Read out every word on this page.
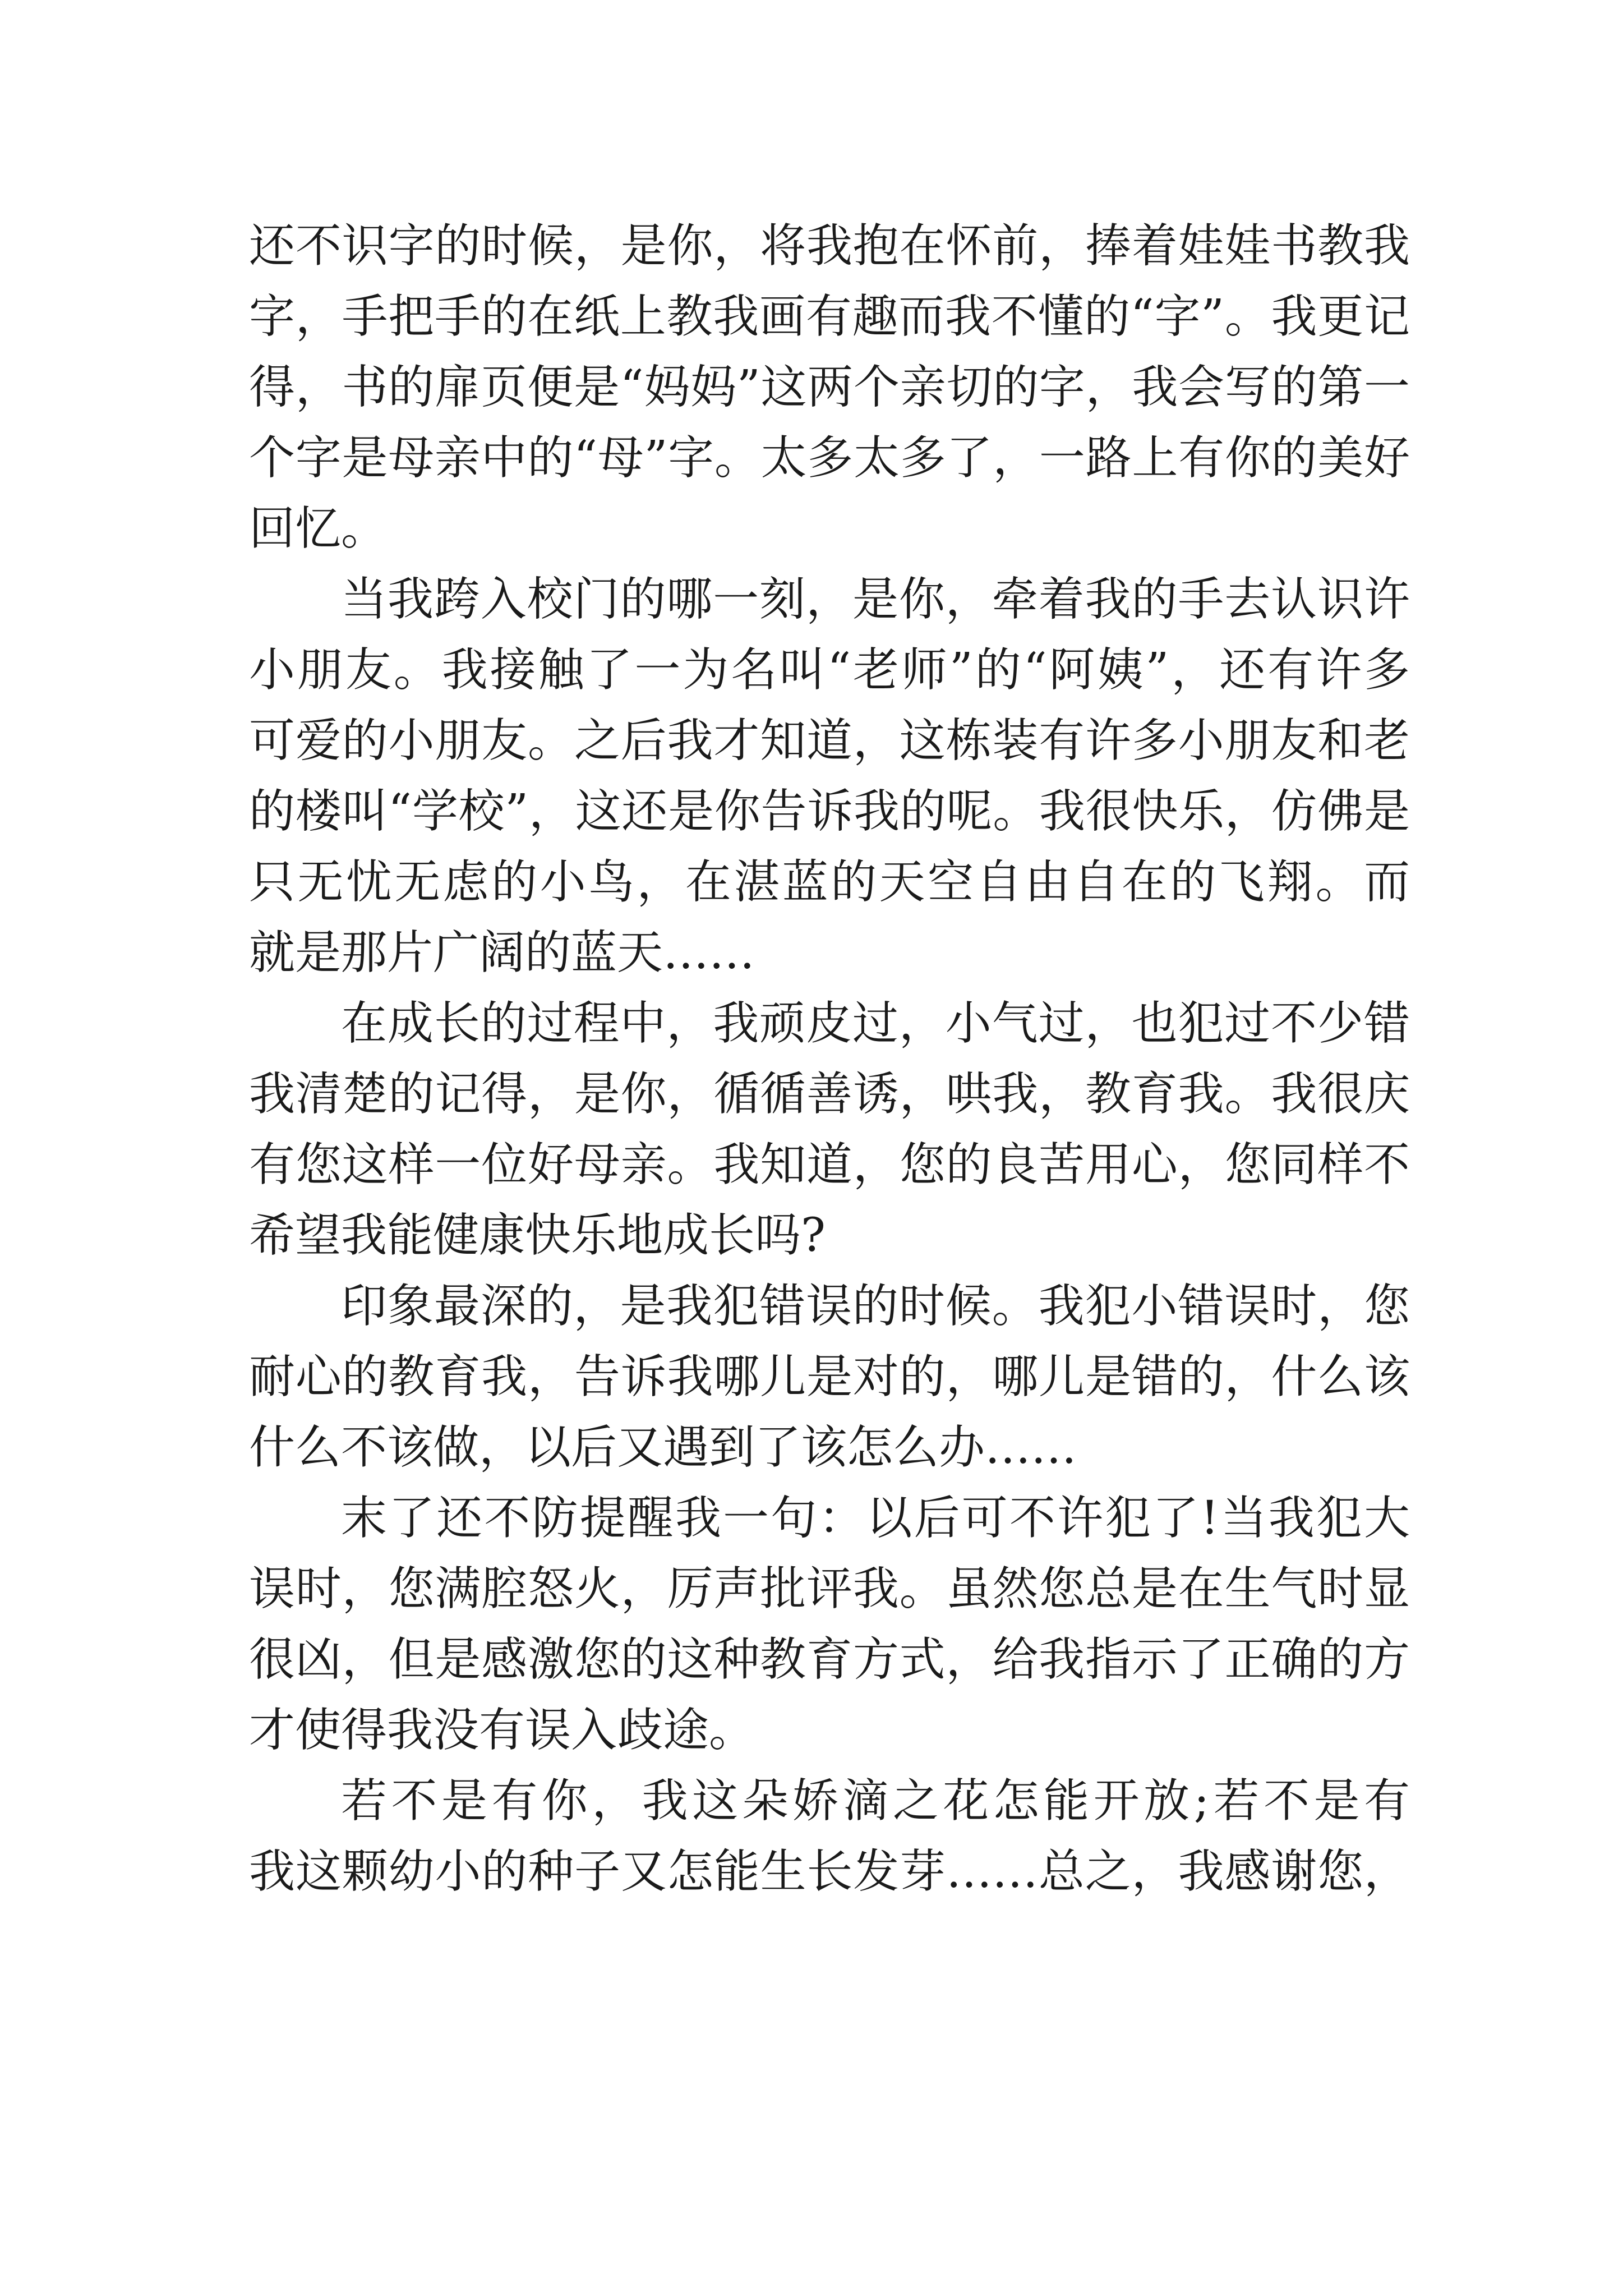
还不识字的时候，是你，将我抱在怀前，捧着娃娃书教我
字，手把手的在纸上教我画有趣而我不懂的“字”。我更记
得，书的扉页便是“妈妈”这两个亲切的字，我会写的第一
个字是母亲中的“母”字。太多太多了，一路上有你的美好
回忆。
当我跨入校门的哪一刻，是你，牵着我的手去认识许
小朋友。我接触了一为名叫“老师”的“阿姨”，还有许多
可爱的小朋友。之后我才知道，这栋装有许多小朋友和老
的楼叫“学校”，这还是你告诉我的呢。我很快乐，仿佛是
只无忧无虑的小鸟，在湛蓝的天空自由自在的飞翔。而
就是那片广阔的蓝天……
在成长的过程中，我顽皮过，小气过，也犯过不少错
我清楚的记得，是你，循循善诱，哄我，教育我。我很庆
有您这样一位好母亲。我知道，您的良苦用心，您同样不
希望我能健康快乐地成长吗?
印象最深的，是我犯错误的时候。我犯小错误时，您
耐心的教育我，告诉我哪儿是对的，哪儿是错的，什么该
什么不该做，以后又遇到了该怎么办……
末了还不防提醒我一句：以后可不许犯了!当我犯大
误时，您满腔怒火，厉声批评我。虽然您总是在生气时显
很凶，但是感激您的这种教育方式，给我指示了正确的方
才使得我没有误入歧途。
若不是有你，我这朵娇滴之花怎能开放;若不是有
我这颗幼小的种子又怎能生长发芽……总之，我感谢您，
